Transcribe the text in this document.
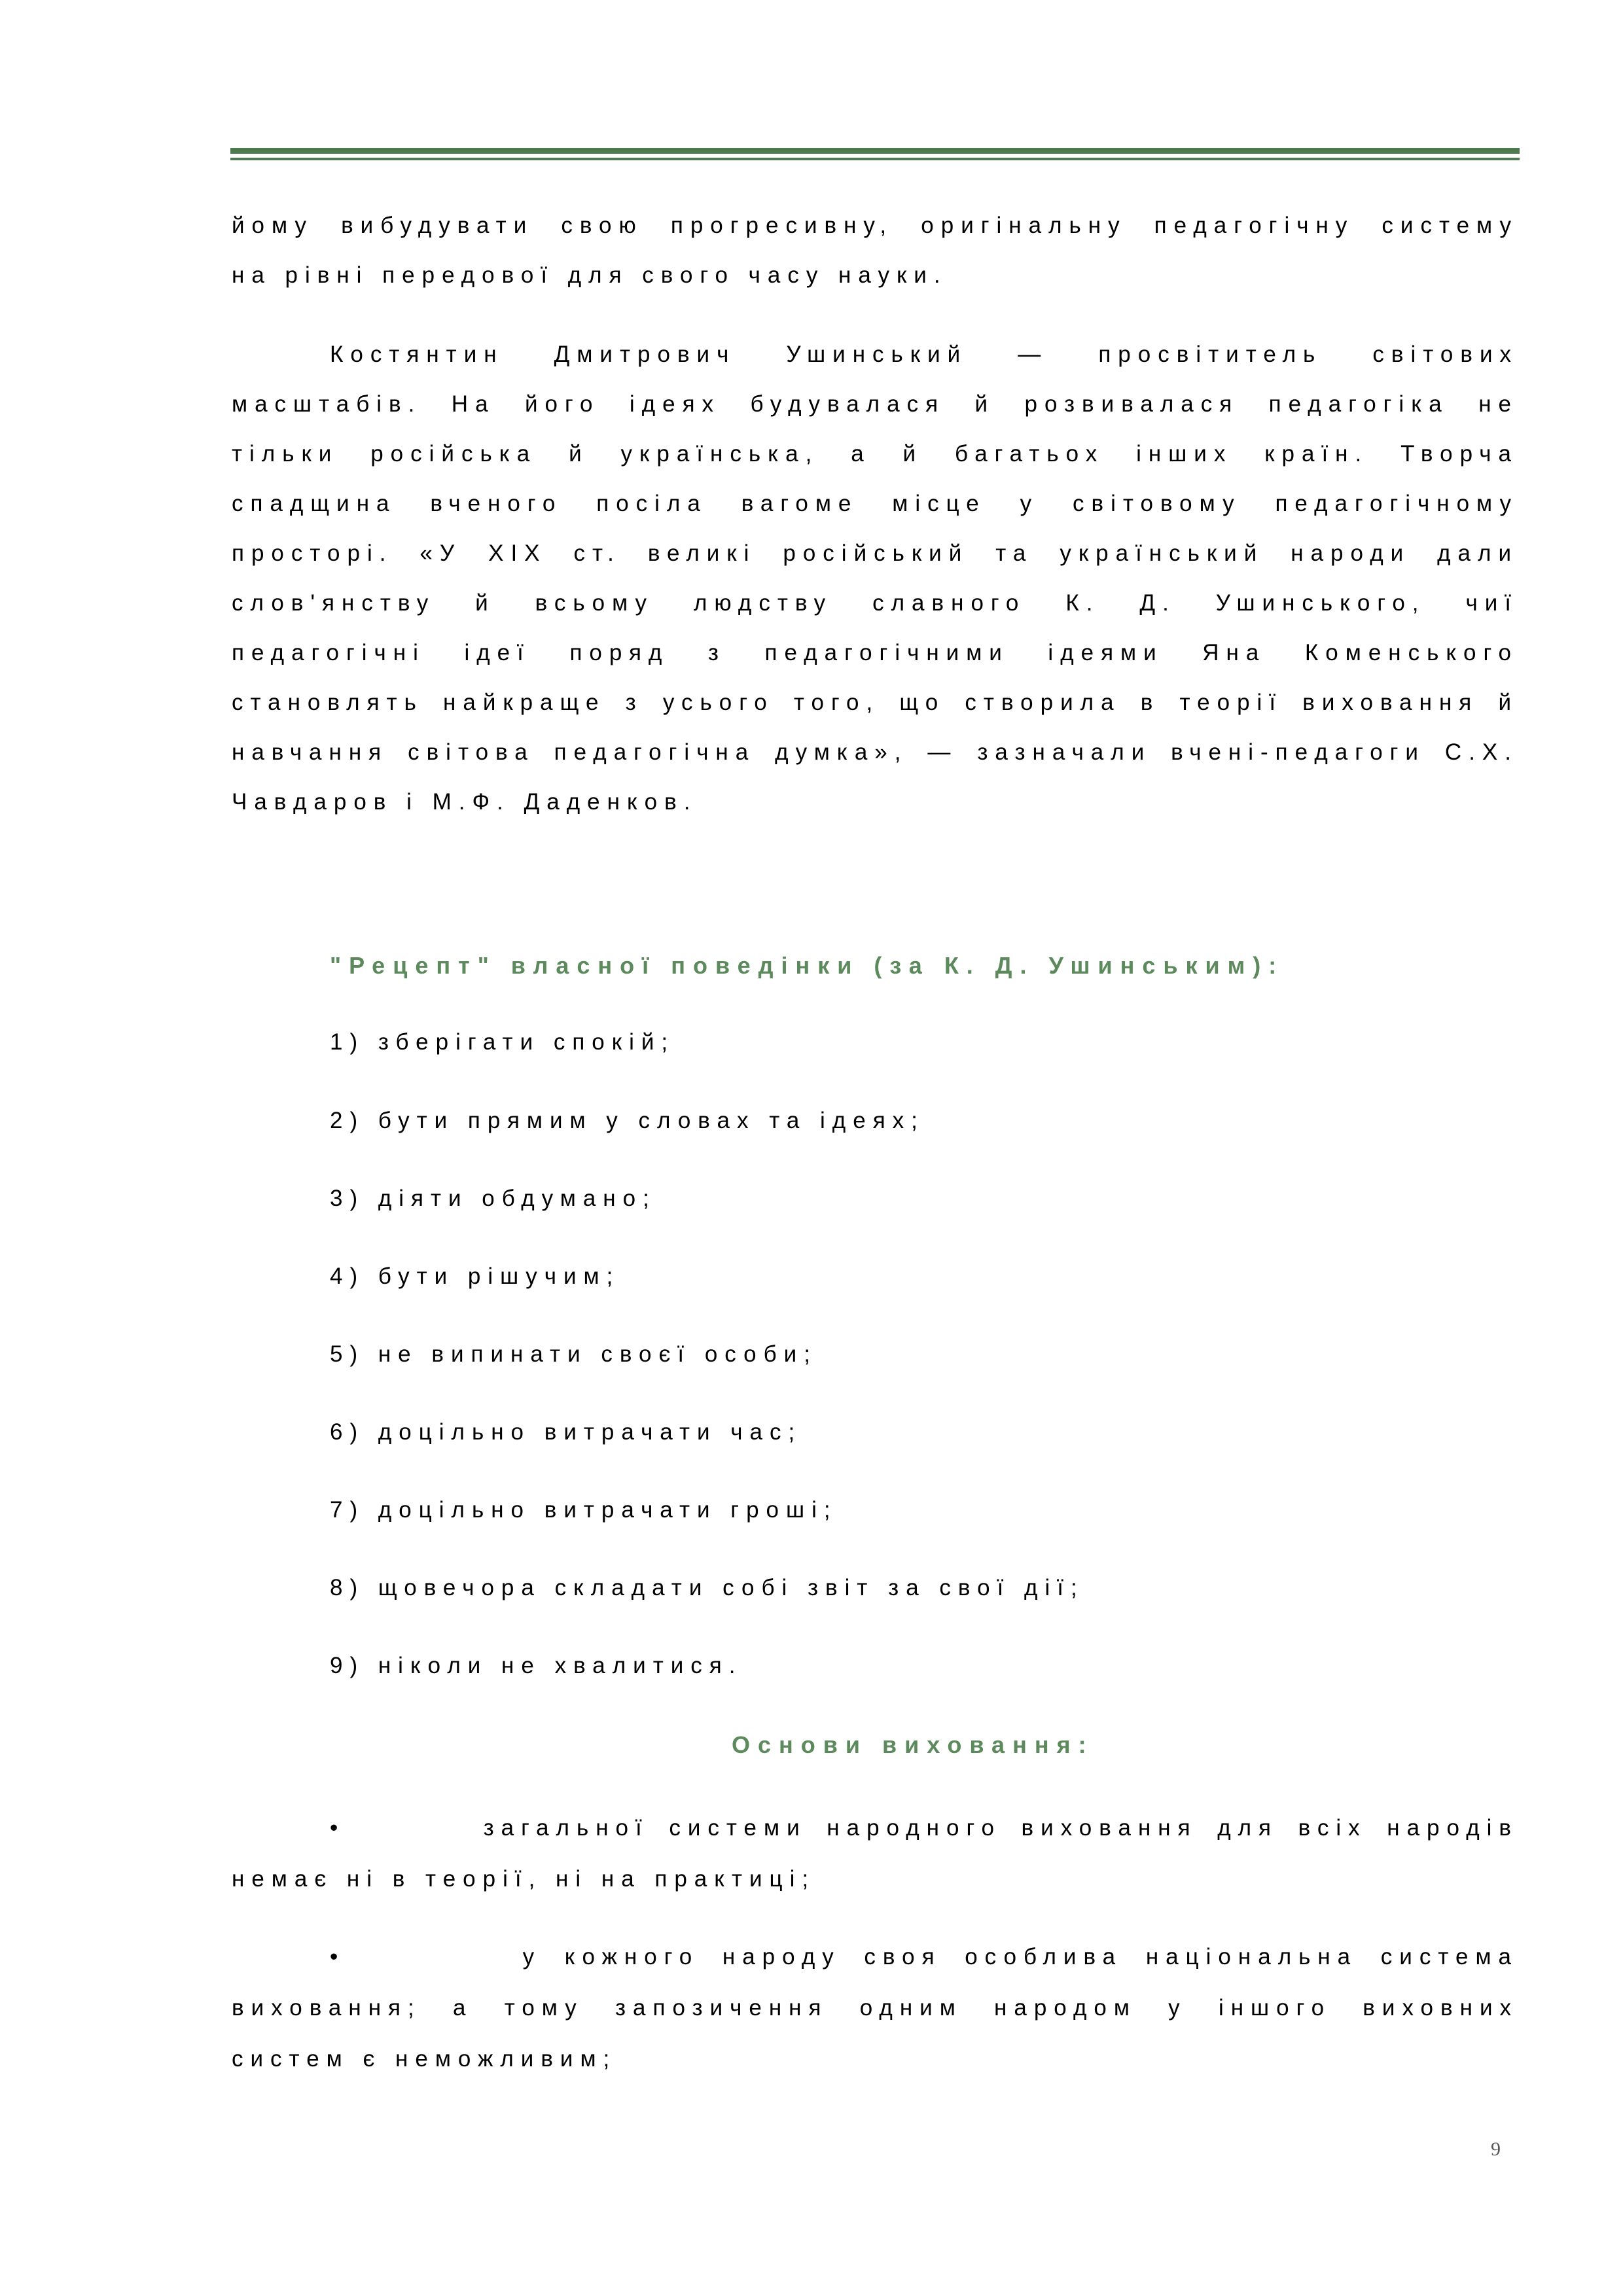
йому вибудувати свою прогресивну, оригінальну педагогічну систему
на рівні передової для свого часу науки.
Костянтин Дмитрович Ушинський — просвітитель світових
масштабів. На його ідеях будувалася й розвивалася педагогіка не
тільки російська й українська, а й багатьох інших країн. Творча
спадщина вченого посіла вагоме місце у світовому педагогічному
просторі. «У ХІХ ст. великі російський та український народи дали
слов'янству й всьому людству славного К. Д. Ушинського, чиї
педагогічні ідеї поряд з педагогічними ідеями Яна Коменського
становлять найкраще з усього того, що створила в теорії виховання й
навчання світова педагогічна думка», — зазначали вчені-педагоги С.Х.
Чавдаров і М.Ф. Даденков.

"Рецепт" власної поведінки (за К. Д. Ушинським):

1) зберігати спокій;

2) бути прямим у словах та ідеях;

3) діяти обдумано;

4) бути рішучим;

5) не випинати своєї особи;

6) доцільно витрачати час;

7) доцільно витрачати гроші;

8) щовечора складати собі звіт за свої дії;

9) ніколи не хвалитися.

Основи виховання:

•	загальної системи народного виховання для всіх народів
немає ні в теорії, ні на практиці;
•	у кожного народу своя особлива національна система
виховання; а тому запозичення одним народом у іншого виховних
систем є неможливим;
9
